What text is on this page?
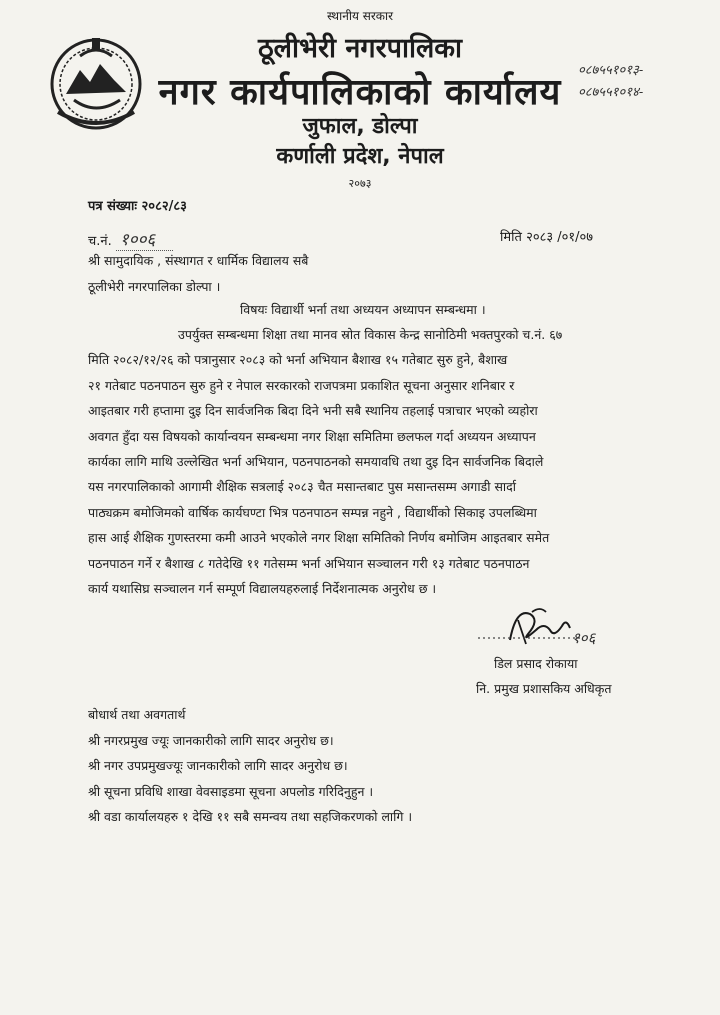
स्थानीय सरकार
ठूलीभेरी नगरपालिका
नगर कार्यपालिकाको कार्यालय
जुफाल, डोल्पा
कर्णाली प्रदेश, नेपाल
२०७३
०८७५५१०१३-
०८७५५१०१४-
पत्र संख्याः २०८२/८३
च.नं. १००६	मिति २०८३ /०१/०७
श्री सामुदायिक , संस्थागत र धार्मिक विद्यालय सबै
ठूलीभेरी नगरपालिका डोल्पा ।
विषयः विद्यार्थी भर्ना तथा अध्ययन अध्यापन सम्बन्धमा ।
उपर्युक्त सम्बन्धमा शिक्षा तथा मानव स्रोत विकास केन्द्र सानोठिमी भक्तपुरको च.नं. ६७
मिति २०८२/१२/२६ को पत्रानुसार २०८३ को भर्ना अभियान बैशाख १५ गतेबाट सुरु हुने, बैशाख
२१ गतेबाट पठनपाठन सुरु हुने र नेपाल सरकारको राजपत्रमा प्रकाशित सूचना अनुसार शनिबार र
आइतबार गरी हप्तामा दुइ दिन सार्वजनिक बिदा दिने भनी सबै स्थानिय तहलाई पत्राचार भएको व्यहोरा
अवगत हुँदा यस विषयको कार्यान्वयन सम्बन्धमा नगर शिक्षा समितिमा छलफल गर्दा अध्ययन अध्यापन
कार्यका लागि माथि उल्लेखित भर्ना अभियान, पठनपाठनको समयावधि तथा दुइ दिन सार्वजनिक बिदाले
यस नगरपालिकाको आगामी शैक्षिक सत्रलाई २०८३ चैत मसान्तबाट पुस मसान्तसम्म अगाडी सार्दा
पाठ्यक्रम बमोजिमको वार्षिक कार्यघण्टा भित्र पठनपाठन सम्पन्न नहुने , विद्यार्थीको सिकाइ उपलब्धिमा
हास आई शैक्षिक गुणस्तरमा कमी आउने भएकोले नगर शिक्षा समितिको निर्णय बमोजिम आइतबार समेत
पठनपाठन गर्ने र बैशाख ८ गतेदेखि ११ गतेसम्म भर्ना अभियान सञ्चालन गरी १३ गतेबाट पठनपाठन
कार्य यथासिघ्र सञ्चालन गर्न सम्पूर्ण विद्यालयहरुलाई निर्देशनात्मक अनुरोध छ ।
१०६
डिल प्रसाद रोकाया
नि. प्रमुख प्रशासकिय अधिकृत
बोधार्थ तथा अवगतार्थ
श्री नगरप्रमुख ज्यूः जानकारीको लागि सादर अनुरोध छ।
श्री नगर उपप्रमुखज्यूः जानकारीको लागि सादर अनुरोध छ।
श्री सूचना प्रविधि शाखा वेवसाइडमा सूचना अपलोड गरिदिनुहुन ।
श्री वडा कार्यालयहरु १ देखि ११ सबै समन्वय तथा सहजिकरणको लागि ।
